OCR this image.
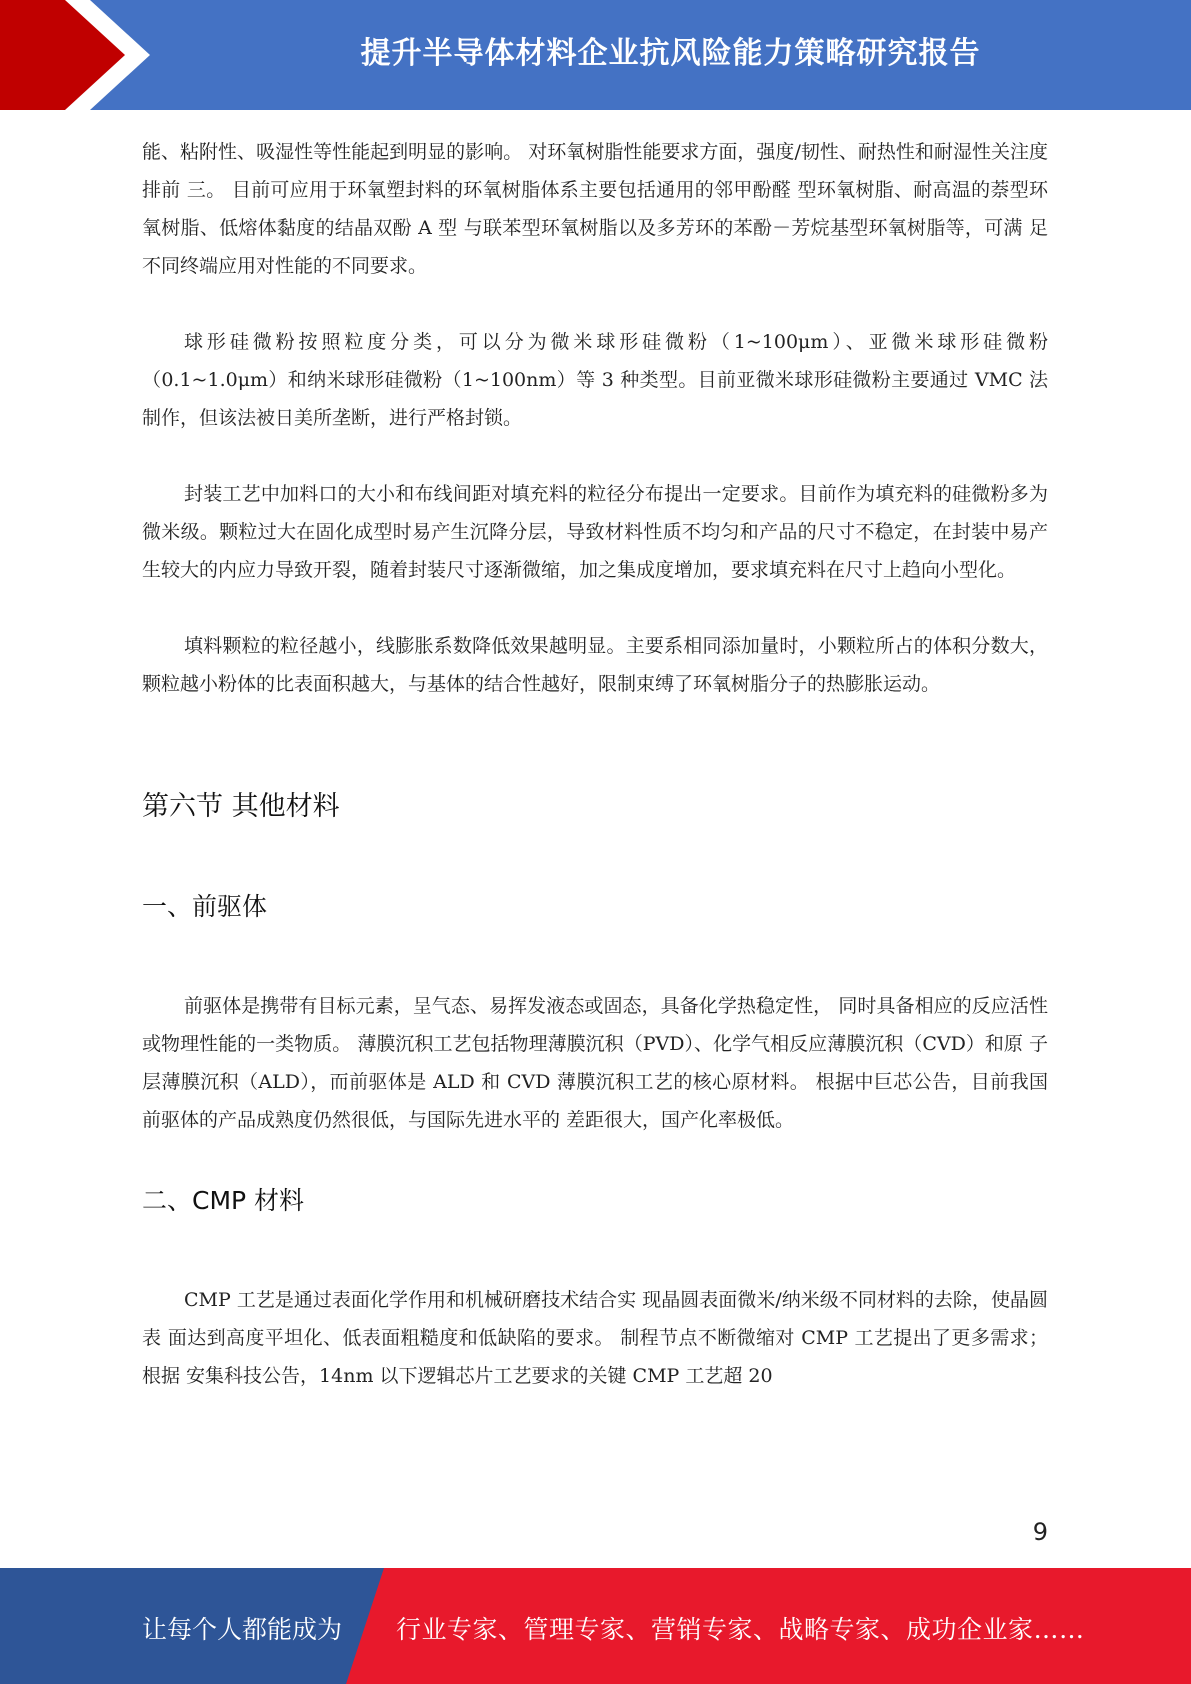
提升半导体材料企业抗风险能力策略研究报告

能、粘附性、吸湿性等性能起到明显的影响。 对环氧树脂性能要求方面，强度/韧性、耐热性和耐湿性关注度排前 三。 目前可应用于环氧塑封料的环氧树脂体系主要包括通用的邻甲酚醛 型环氧树脂、耐高温的萘型环氧树脂、低熔体黏度的结晶双酚 A 型 与联苯型环氧树脂以及多芳环的苯酚－芳烷基型环氧树脂等，可满 足不同终端应用对性能的不同要求。

球形硅微粉按照粒度分类，可以分为微米球形硅微粉（1~100μm）、亚微米球形硅微粉（0.1~1.0μm）和纳米球形硅微粉（1~100nm）等 3 种类型。目前亚微米球形硅微粉主要通过 VMC 法制作，但该法被日美所垄断，进行严格封锁。

封装工艺中加料口的大小和布线间距对填充料的粒径分布提出一定要求。目前作为填充料的硅微粉多为微米级。颗粒过大在固化成型时易产生沉降分层，导致材料性质不均匀和产品的尺寸不稳定，在封装中易产生较大的内应力导致开裂，随着封装尺寸逐渐微缩，加之集成度增加，要求填充料在尺寸上趋向小型化。

填料颗粒的粒径越小，线膨胀系数降低效果越明显。主要系相同添加量时，小颗粒所占的体积分数大，颗粒越小粉体的比表面积越大，与基体的结合性越好，限制束缚了环氧树脂分子的热膨胀运动。

第六节 其他材料
一、前驱体

前驱体是携带有目标元素，呈气态、易挥发液态或固态，具备化学热稳定性， 同时具备相应的反应活性或物理性能的一类物质。 薄膜沉积工艺包括物理薄膜沉积（PVD）、化学气相反应薄膜沉积（CVD）和原 子层薄膜沉积（ALD），而前驱体是 ALD 和 CVD 薄膜沉积工艺的核心原材料。 根据中巨芯公告，目前我国前驱体的产品成熟度仍然很低，与国际先进水平的 差距很大，国产化率极低。

二、CMP 材料

CMP 工艺是通过表面化学作用和机械研磨技术结合实 现晶圆表面微米/纳米级不同材料的去除，使晶圆表 面达到高度平坦化、低表面粗糙度和低缺陷的要求。 制程节点不断微缩对 CMP 工艺提出了更多需求；根据 安集科技公告，14nm 以下逻辑芯片工艺要求的关键 CMP 工艺超 20

9
让每个人都能成为 行业专家、管理专家、营销专家、战略专家、成功企业家……
